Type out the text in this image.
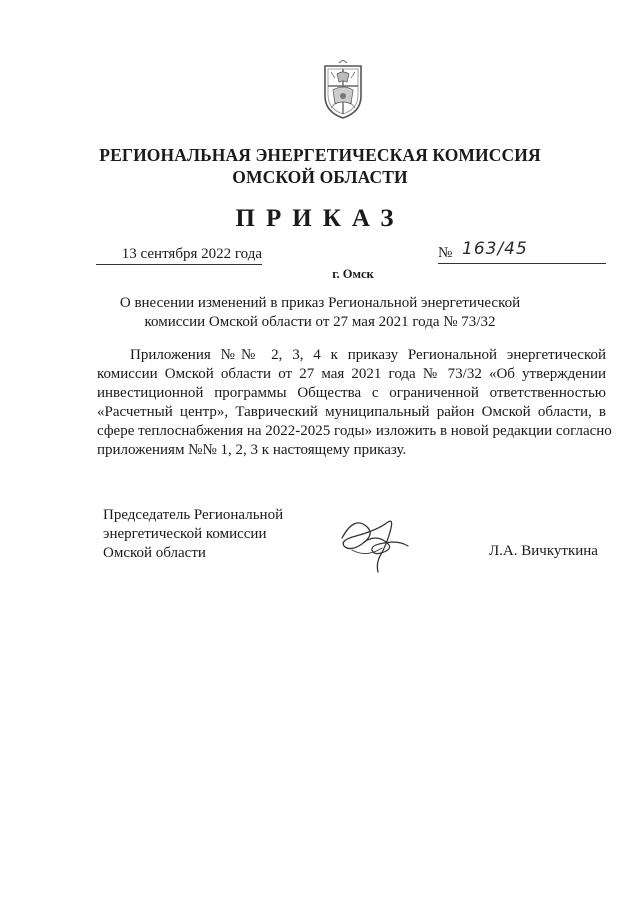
РЕГИОНАЛЬНАЯ ЭНЕРГЕТИЧЕСКАЯ КОМИССИЯ
ОМСКОЙ ОБЛАСТИ
ПРИКАЗ
13 сентября 2022 года	№ 163/45
г. Омск
О внесении изменений в приказ Региональной энергетической
комиссии Омской области от 27 мая 2021 года № 73/32
Приложения №№ 2, 3, 4 к приказу Региональной энергетической
комиссии Омской области от 27 мая 2021 года № 73/32 «Об утверждении
инвестиционной программы Общества с ограниченной ответственностью
«Расчетный центр», Таврический муниципальный район Омской области, в
сфере теплоснабжения на 2022-2025 годы» изложить в новой редакции согласно
приложениям №№ 1, 2, 3 к настоящему приказу.
Председатель Региональной
энергетической комиссии
Омской области	Л.А. Вичкуткина
